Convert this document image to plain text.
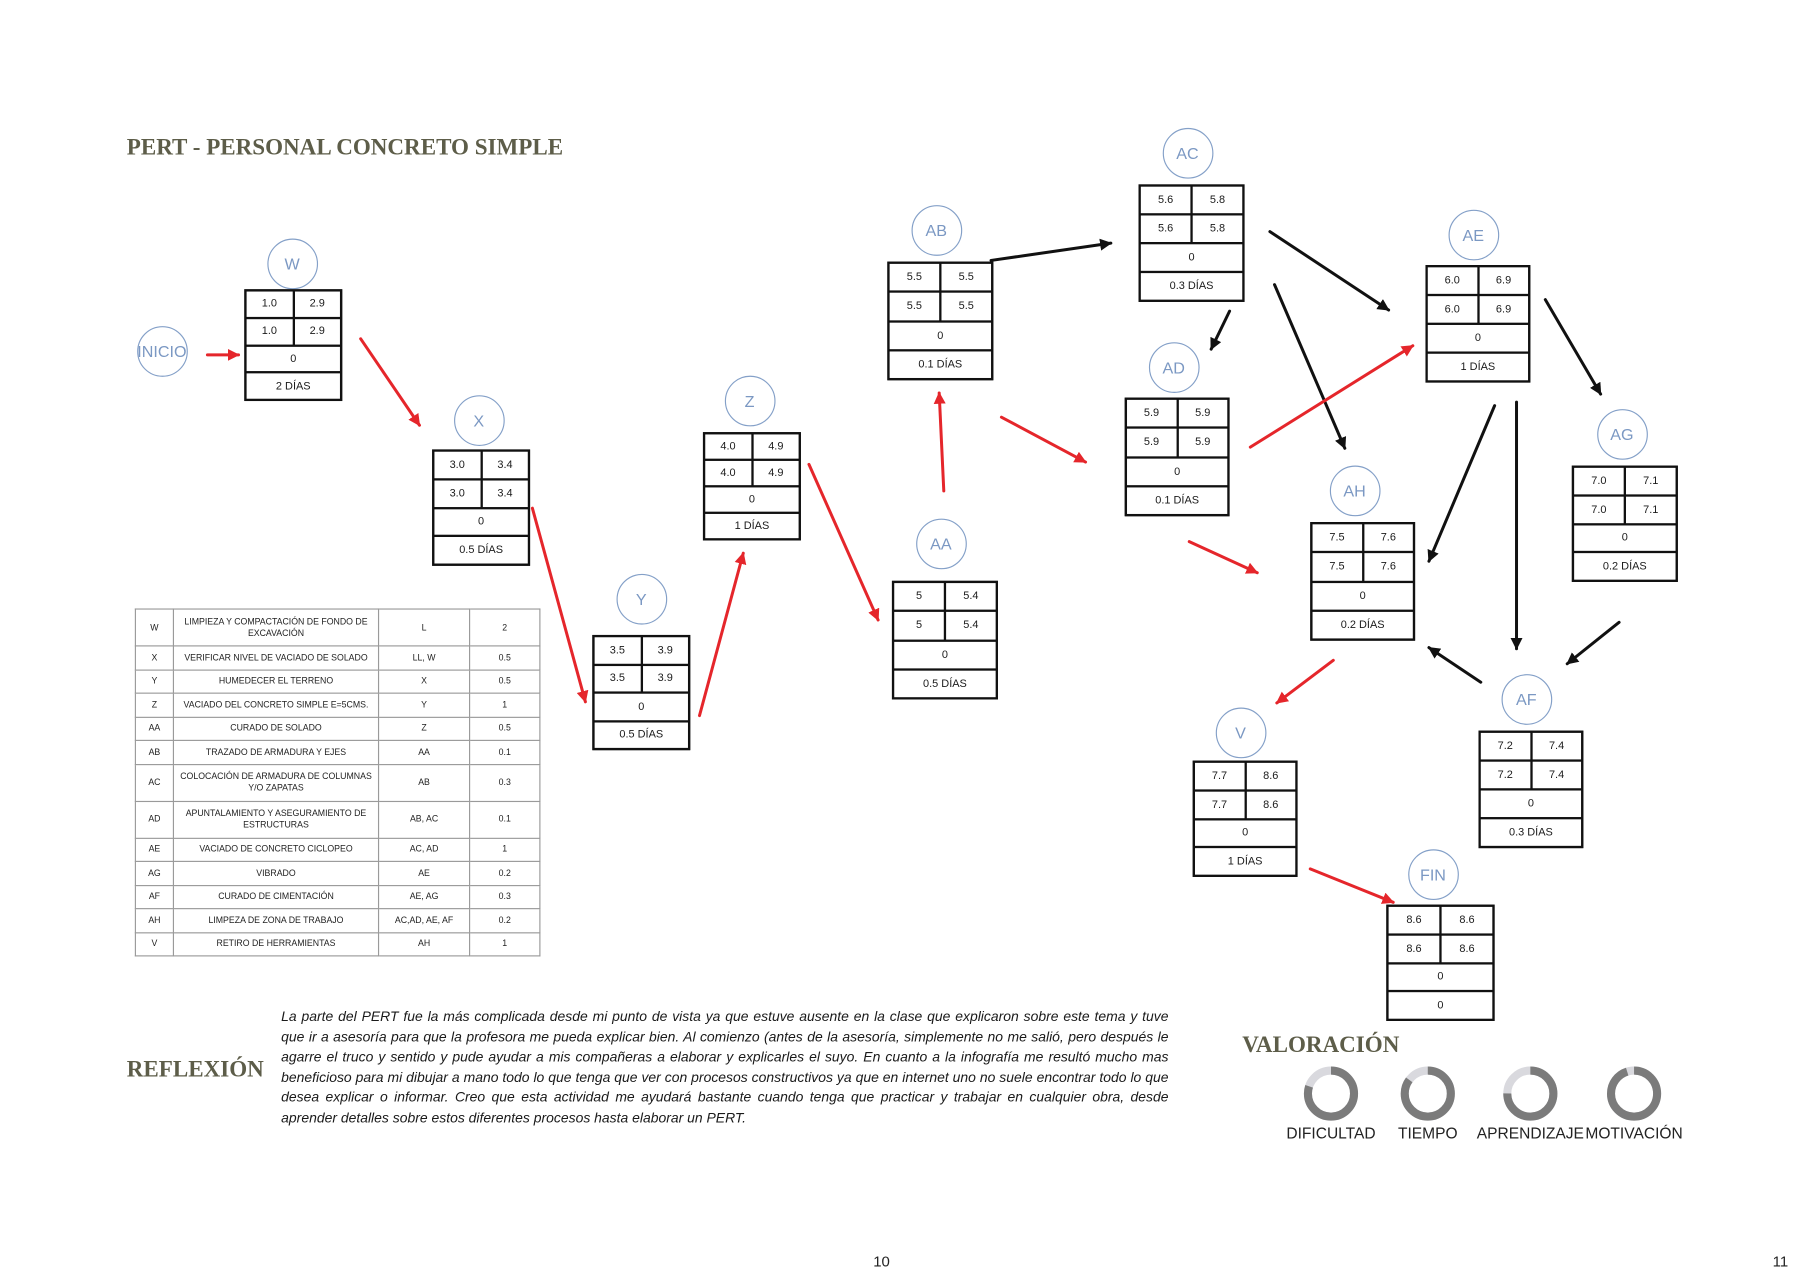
PERT - PERSONAL CONCRETO SIMPLE
INICIO
W
1.0	2.9
1.0	2.9
0
2 DÍAS
X
3.0	3.4
3.0	3.4
0
0.5 DÍAS
Y
3.5	3.9
3.5	3.9
0
0.5 DÍAS
Z
4.0	4.9
4.0	4.9
0
1 DÍAS
AA
5	5.4
5	5.4
0
0.5 DÍAS
AB
5.5	5.5
5.5	5.5
0
0.1 DÍAS
AC
5.6	5.8
5.6	5.8
0
0.3 DÍAS
AD
5.9	5.9
5.9	5.9
0
0.1 DÍAS
AE
6.0	6.9
6.0	6.9
0
1 DÍAS
AG
7.0	7.1
7.0	7.1
0
0.2 DÍAS
AH
7.5	7.6
7.5	7.6
0
0.2 DÍAS
AF
7.2	7.4
7.2	7.4
0
0.3 DÍAS
V
7.7	8.6
7.7	8.6
0
1 DÍAS
FIN
8.6	8.6
8.6	8.6
0
0
W	LIMPIEZA Y COMPACTACIÓN DE FONDO DE EXCAVACIÓN	L	2
X	VERIFICAR NIVEL DE VACIADO DE SOLADO	LL, W	0.5
Y	HUMEDECER EL TERRENO	X	0.5
Z	VACIADO DEL CONCRETO SIMPLE E=5CMS.	Y	1
AA	CURADO DE SOLADO	Z	0.5
AB	TRAZADO DE ARMADURA Y EJES	AA	0.1
AC	COLOCACIÓN DE ARMADURA DE COLUMNAS Y/O ZAPATAS	AB	0.3
AD	APUNTALAMIENTO Y ASEGURAMIENTO DE ESTRUCTURAS	AB, AC	0.1
AE	VACIADO DE CONCRETO CICLOPEO	AC, AD	1
AG	VIBRADO	AE	0.2
AF	CURADO DE CIMENTACIÓN	AE, AG	0.3
AH	LIMPEZA DE ZONA DE TRABAJO	AC,AD, AE, AF	0.2
V	RETIRO DE HERRAMIENTAS	AH	1
REFLEXIÓN

La parte del PERT fue la más complicada desde mi punto de vista ya que estuve ausente en la clase que explicaron sobre este tema y tuve que ir a asesoría para que la profesora me pueda explicar bien. Al comienzo (antes de la asesoría, simplemente no me salió, pero después le agarre el truco y sentido y pude ayudar a mis compañeras a elaborar y explicarles el suyo. En cuanto a la infografía me resultó mucho mas beneficioso para mi dibujar a mano todo lo que tenga que ver con procesos constructivos ya que en internet uno no suele encontrar todo lo que desea explicar o informar. Creo que esta actividad me ayudará bastante cuando tenga que practicar y trabajar en cualquier obra, desde aprender detalles sobre estos diferentes procesos hasta elaborar un PERT.

VALORACIÓN
DIFICULTAD	TIEMPO	APRENDIZAJE MOTIVACIÓN
10	11
